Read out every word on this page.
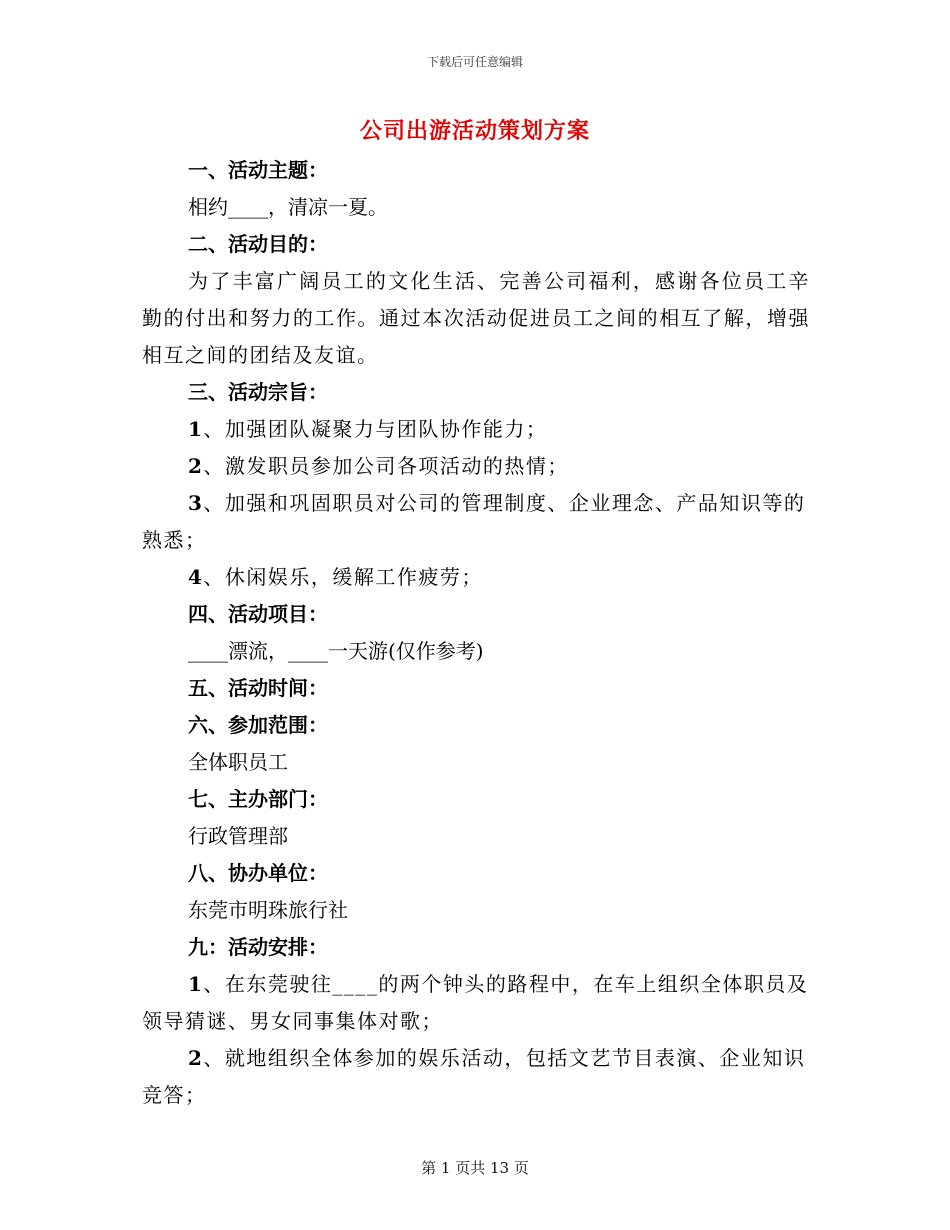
下载后可任意编辑
公司出游活动策划方案

一、活动主题：

相约____，清凉一夏。

二、活动目的：

为了丰富广阔员工的文化生活、完善公司福利，感谢各位员工辛勤的付出和努力的工作。通过本次活动促进员工之间的相互了解，增强相互之间的团结及友谊。

三、活动宗旨：

1、加强团队凝聚力与团队协作能力；

2、激发职员参加公司各项活动的热情；

3、加强和巩固职员对公司的管理制度、企业理念、产品知识等的熟悉；

4、休闲娱乐，缓解工作疲劳；

四、活动项目：

____漂流，____一天游(仅作参考)

五、活动时间：

六、参加范围：

全体职员工

七、主办部门：

行政管理部

八、协办单位：

东莞市明珠旅行社

九：活动安排：

1、在东莞驶往____的两个钟头的路程中，在车上组织全体职员及领导猜谜、男女同事集体对歌；

2、就地组织全体参加的娱乐活动，包括文艺节目表演、企业知识竞答；

第 1 页共 13 页
